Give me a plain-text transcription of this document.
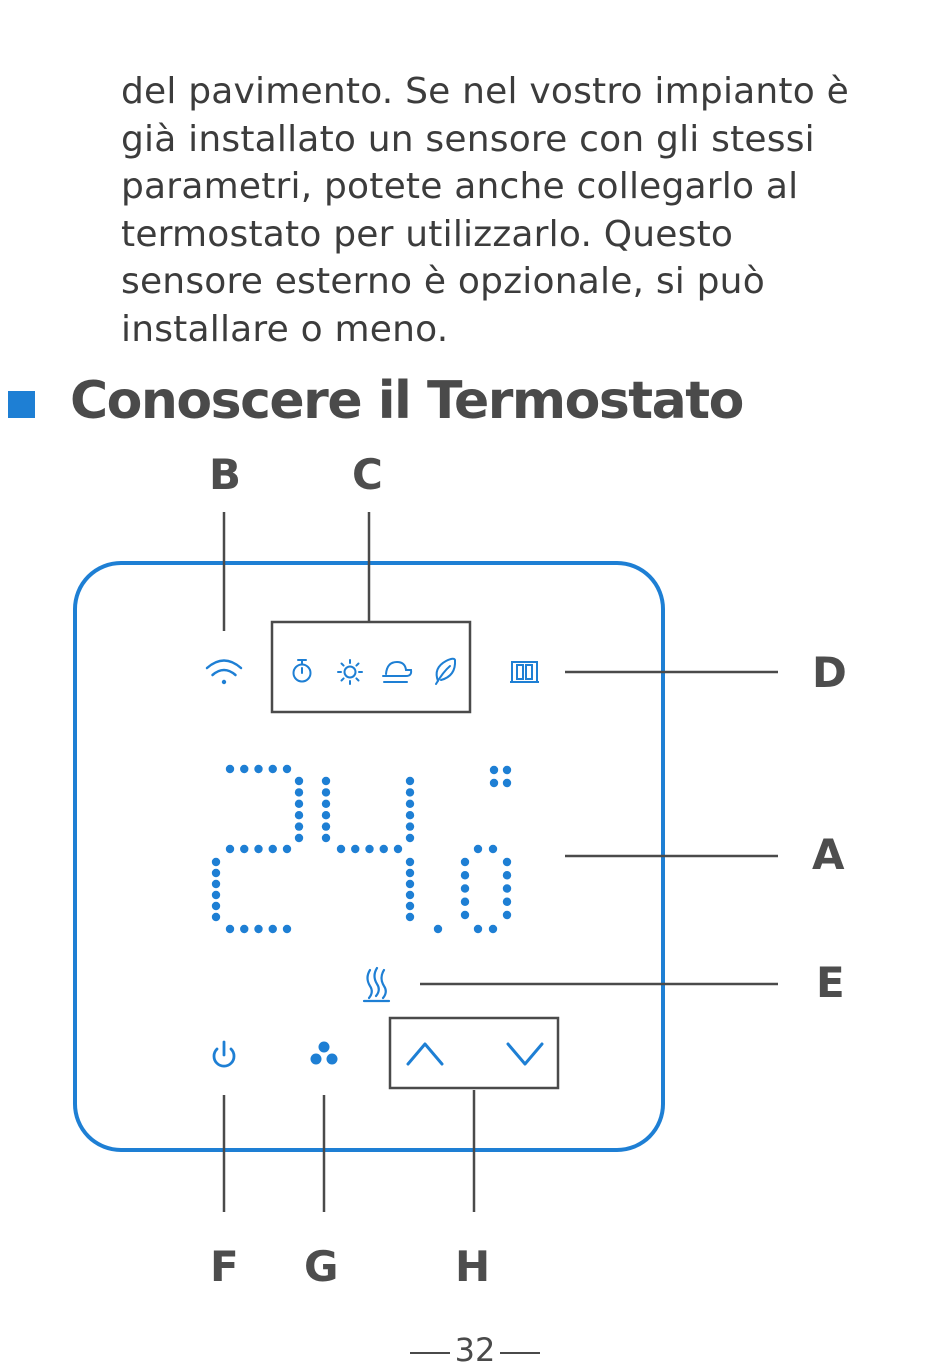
del pavimento. Se nel vostro impianto è
già installato un sensore con gli stessi
parametri, potete anche collegarlo al
termostato per utilizzarlo. Questo
sensore esterno è opzionale, si può
installare o meno.

Conoscere il Termostato
B	C
D
A
E
F G	H
32
